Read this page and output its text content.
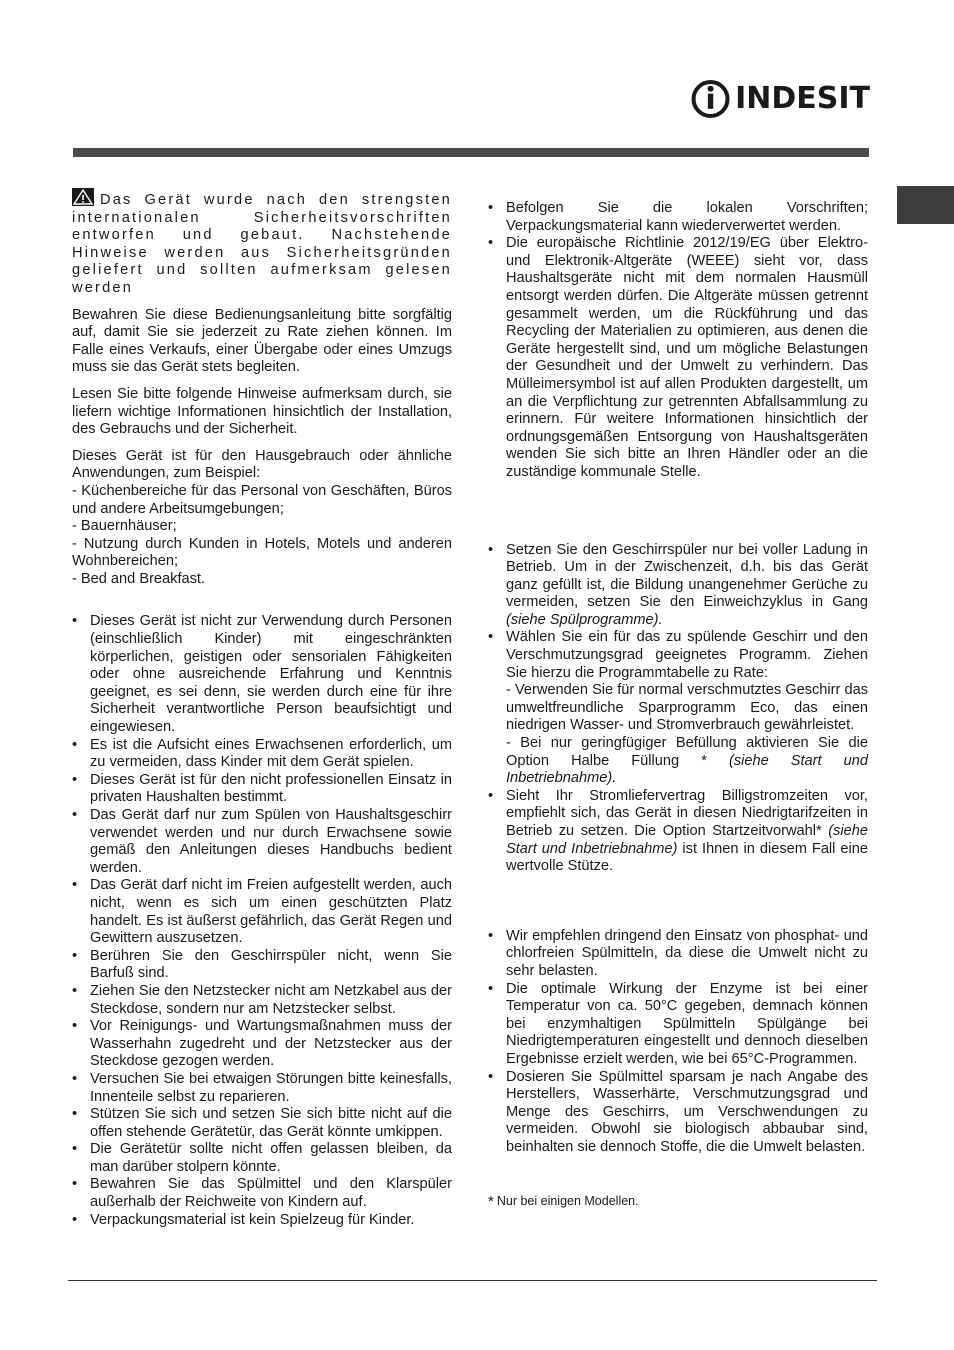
INDESIT

Das Gerät wurde nach den strengsten internationalen Sicherheitsvorschriften entworfen und gebaut. Nachstehende Hinweise werden aus Sicherheitsgründen geliefert und sollten aufmerksam gelesen werden

Bewahren Sie diese Bedienungsanleitung bitte sorgfältig auf, damit Sie sie jederzeit zu Rate ziehen können. Im Falle eines Verkaufs, einer Übergabe oder eines Umzugs muss sie das Gerät stets begleiten.

Lesen Sie bitte folgende Hinweise aufmerksam durch, sie liefern wichtige Informationen hinsichtlich der Installation, des Gebrauchs und der Sicherheit.

Dieses Gerät ist für den Hausgebrauch oder ähnliche Anwendungen, zum Beispiel:

- Küchenbereiche für das Personal von Geschäften, Büros und andere Arbeitsumgebungen;

- Bauernhäuser;

- Nutzung durch Kunden in Hotels, Motels und anderen Wohnbereichen;

- Bed and Breakfast.

• Dieses Gerät ist nicht zur Verwendung durch Personen (einschließlich Kinder) mit eingeschränkten körperlichen, geistigen oder sensorialen Fähigkeiten oder ohne ausreichende Erfahrung und Kenntnis geeignet, es sei denn, sie werden durch eine für ihre Sicherheit verantwortliche Person beaufsichtigt und eingewiesen.
• Es ist die Aufsicht eines Erwachsenen erforderlich, um zu vermeiden, dass Kinder mit dem Gerät spielen.
• Dieses Gerät ist für den nicht professionellen Einsatz in privaten Haushalten bestimmt.
• Das Gerät darf nur zum Spülen von Haushaltsgeschirr verwendet werden und nur durch Erwachsene sowie gemäß den Anleitungen dieses Handbuchs bedient werden.
• Das Gerät darf nicht im Freien aufgestellt werden, auch nicht, wenn es sich um einen geschützten Platz handelt. Es ist äußerst gefährlich, das Gerät Regen und Gewittern auszusetzen.
• Berühren Sie den Geschirrspüler nicht, wenn Sie Barfuß sind.
• Ziehen Sie den Netzstecker nicht am Netzkabel aus der Steckdose, sondern nur am Netzstecker selbst.
• Vor Reinigungs- und Wartungsmaßnahmen muss der Wasserhahn zugedreht und der Netzstecker aus der Steckdose gezogen werden.
• Versuchen Sie bei etwaigen Störungen bitte keinesfalls, Innenteile selbst zu reparieren.
• Stützen Sie sich und setzen Sie sich bitte nicht auf die offen stehende Gerätetür, das Gerät könnte umkippen.
• Die Gerätetür sollte nicht offen gelassen bleiben, da man darüber stolpern könnte.
• Bewahren Sie das Spülmittel und den Klarspüler außerhalb der Reichweite von Kindern auf.
• Verpackungsmaterial ist kein Spielzeug für Kinder.
• Befolgen Sie die lokalen Vorschriften; Verpackungsmaterial kann wiederverwertet werden.
• Die europäische Richtlinie 2012/19/EG über Elektro- und Elektronik-Altgeräte (WEEE) sieht vor, dass Haushaltsgeräte nicht mit dem normalen Hausmüll entsorgt werden dürfen. Die Altgeräte müssen getrennt gesammelt werden, um die Rückführung und das Recycling der Materialien zu optimieren, aus denen die Geräte hergestellt sind, und um mögliche Belastungen der Gesundheit und der Umwelt zu verhindern. Das Mülleimersymbol ist auf allen Produkten dargestellt, um an die Verpflichtung zur getrennten Abfallsammlung zu erinnern. Für weitere Informationen hinsichtlich der ordnungsgemäßen Entsorgung von Haushaltsgeräten wenden Sie sich bitte an Ihren Händler oder an die zuständige kommunale Stelle.
• Setzen Sie den Geschirrspüler nur bei voller Ladung in Betrieb. Um in der Zwischenzeit, d.h. bis das Gerät ganz gefüllt ist, die Bildung unangenehmer Gerüche zu vermeiden, setzen Sie den Einweichzyklus in Gang (siehe Spülprogramme).
• Wählen Sie ein für das zu spülende Geschirr und den Verschmutzungsgrad geeignetes Programm. Ziehen Sie hierzu die Programmtabelle zu Rate:
- Verwenden Sie für normal verschmutztes Geschirr das umweltfreundliche Sparprogramm Eco, das einen niedrigen Wasser- und Stromverbrauch gewährleistet.
- Bei nur geringfügiger Befüllung aktivieren Sie die Option Halbe Füllung * (siehe Start und Inbetriebnahme).
• Sieht Ihr Stromliefervertrag Billigstromzeiten vor, empfiehlt sich, das Gerät in diesen Niedrigtarifzeiten in Betrieb zu setzen. Die Option Startzeitvorwahl* (siehe Start und Inbetriebnahme) ist Ihnen in diesem Fall eine wertvolle Stütze.
• Wir empfehlen dringend den Einsatz von phosphat- und chlorfreien Spülmitteln, da diese die Umwelt nicht zu sehr belasten.
• Die optimale Wirkung der Enzyme ist bei einer Temperatur von ca. 50°C gegeben, demnach können bei enzymhaltigen Spülmitteln Spülgänge bei Niedrigtemperaturen eingestellt und dennoch dieselben Ergebnisse erzielt werden, wie bei 65°C-Programmen.
• Dosieren Sie Spülmittel sparsam je nach Angabe des Herstellers, Wasserhärte, Verschmutzungsgrad und Menge des Geschirrs, um Verschwendungen zu vermeiden. Obwohl sie biologisch abbaubar sind, beinhalten sie dennoch Stoffe, die die Umwelt belasten.

* Nur bei einigen Modellen.
